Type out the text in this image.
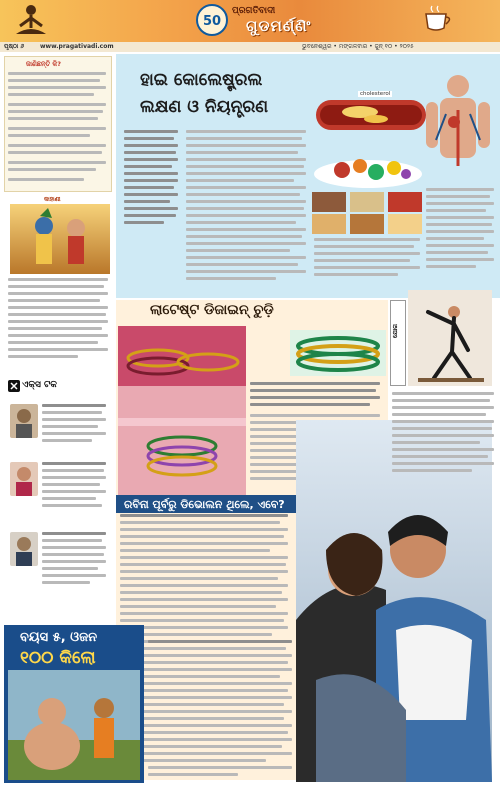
50
ପ୍ରଗତିବାଦୀ
ଗୁଡମର୍ଣ୍ଣିଂ
ପୃଷ୍ଠା ୬	www.pragativadi.com	ଭୁବନେଶ୍ୱର • ମଙ୍ଗଳବାର • ଜୁନ୍ ୧୦ • ୨୦୨୫
ଜାଣିଛନ୍ତି କି?
କାହାଣୀ
ଏକ୍ସ ଟକ
ହାଇ କୋଲେଷ୍ଟ୍ରଲ
ଲକ୍ଷଣ ଓ ନିୟନ୍ତ୍ରଣ
cholesterol
ଲାଟେଷ୍ଟ ଡିଜାଇନ୍ ଚୁଡ଼ି
ରବିନା ପୂର୍ବରୁ ଡିଭୋଲନ ଥିଲେ, ଏବେ?
ଯୋଗ
ବୟସ ୫, ଓଜନ
୧୦୦ କିଲୋ
